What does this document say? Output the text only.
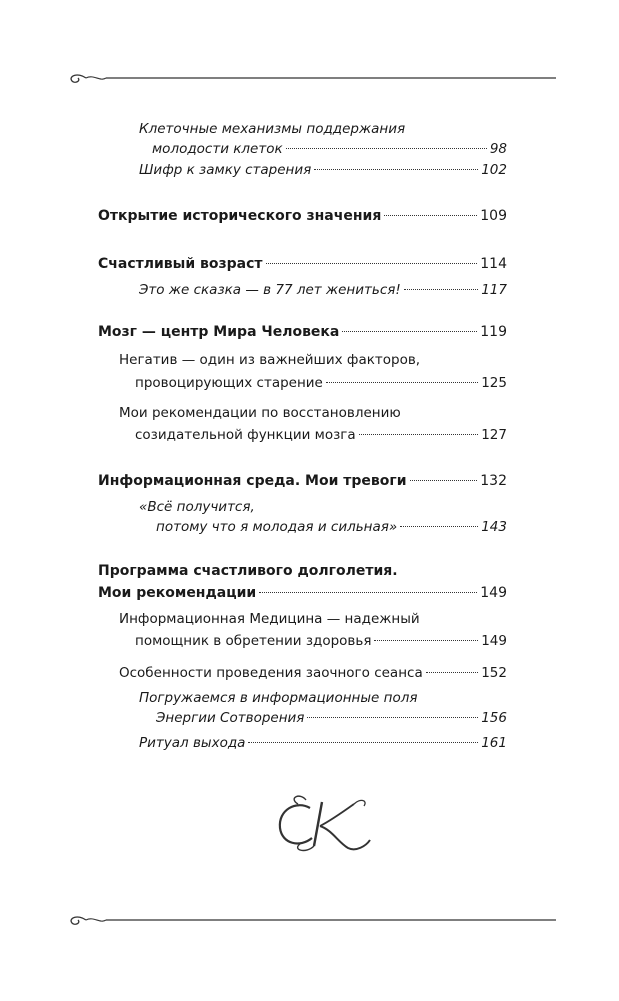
Клеточные механизмы поддержания
молодости клеток	98
Шифр к замку старения	102
Открытие исторического значения	109
Счастливый возраст	114
Это же сказка — в 77 лет жениться!	117
Мозг — центр Мира Человека	119
Негатив — один из важнейших факторов,
провоцирующих старение	125
Мои рекомендации по восстановлению
созидательной функции мозга	127
Информационная среда. Мои тревоги	132
«Всё получится,
потому что я молодая и сильная»	143
Программа счастливого долголетия.
Мои рекомендации	149
Информационная Медицина — надежный
помощник в обретении здоровья	149
Особенности проведения заочного сеанса	152
Погружаемся в информационные поля
Энергии Сотворения	156
Ритуал выхода	161
